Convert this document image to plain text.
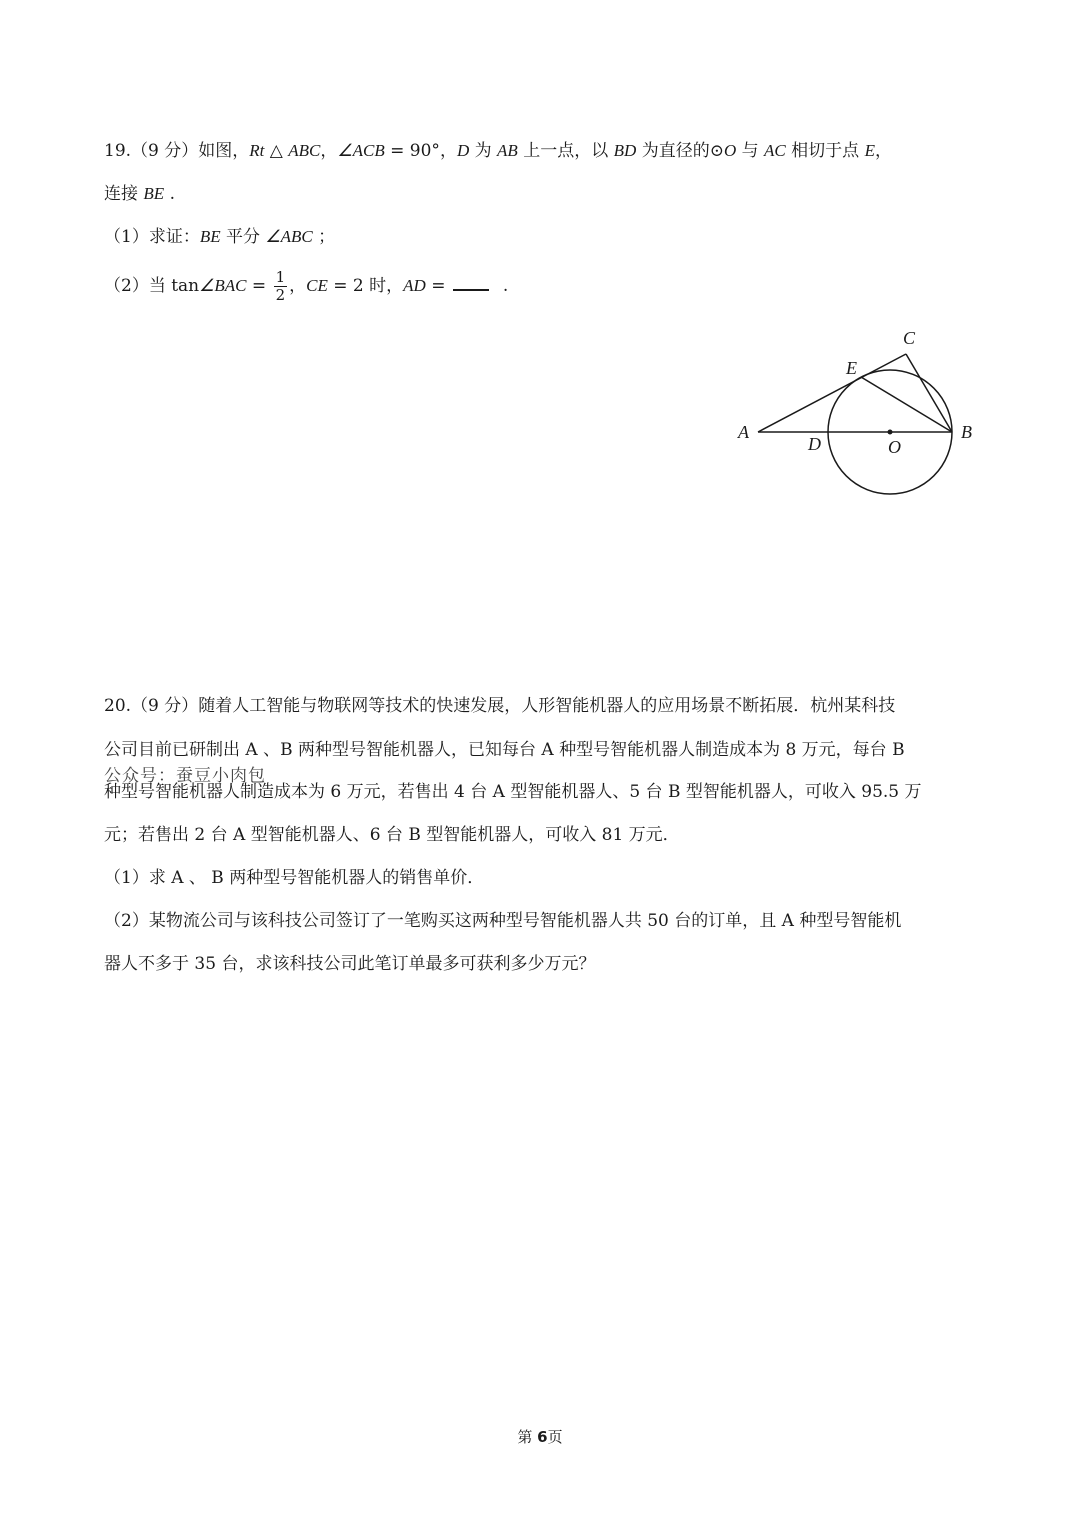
19.（9 分）如图，Rt △ ABC，∠ACB = 90°，D 为 AB 上一点，以 BD 为直径的⊙O 与 AC 相切于点 E，
连接 BE .
（1）求证：BE 平分 ∠ABC ；
（2）当 tan∠BAC = $\frac{1}{2}$ ，CE = 2 时，AD =	.
A	B
C
D
E
O
20.（9 分）随着人工智能与物联网等技术的快速发展，人形智能机器人的应用场景不断拓展．杭州某科技
公司目前已研制出 A 、B 两种型号智能机器人，已知每台 A 种型号智能机器人制造成本为 8 万元，每台 B
公众号：蚕豆小肉包
种型号智能机器人制造成本为 6 万元，若售出 4 台 A 型智能机器人、5 台 B 型智能机器人，可收入 95.5 万
元；若售出 2 台 A 型智能机器人、6 台 B 型智能机器人，可收入 81 万元．
（1）求 A 、 B 两种型号智能机器人的销售单价．
（2）某物流公司与该科技公司签订了一笔购买这两种型号智能机器人共 50 台的订单，且 A 种型号智能机
器人不多于 35 台，求该科技公司此笔订单最多可获利多少万元？
第 6页
